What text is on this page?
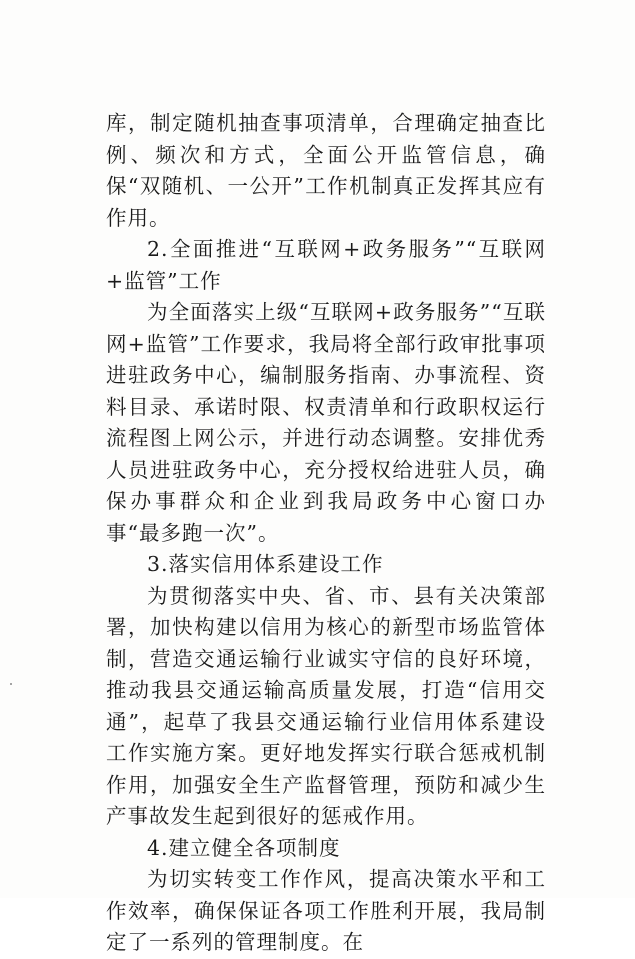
库，制定随机抽查事项清单，合理确定抽查比例、频次和方式，全面公开监管信息，确保“双随机、一公开”工作机制真正发挥其应有作用。

2.全面推进“互联网+政务服务”“互联网+监管”工作

为全面落实上级“互联网+政务服务”“互联网+监管”工作要求，我局将全部行政审批事项进驻政务中心，编制服务指南、办事流程、资料目录、承诺时限、权责清单和行政职权运行流程图上网公示，并进行动态调整。安排优秀人员进驻政务中心，充分授权给进驻人员，确保办事群众和企业到我局政务中心窗口办事“最多跑一次”。

3.落实信用体系建设工作

为贯彻落实中央、省、市、县有关决策部署，加快构建以信用为核心的新型市场监管体制，营造交通运输行业诚实守信的良好环境，推动我县交通运输高质量发展，打造“信用交通”，起草了我县交通运输行业信用体系建设工作实施方案。更好地发挥实行联合惩戒机制作用，加强安全生产监督管理，预防和减少生产事故发生起到很好的惩戒作用。

4.建立健全各项制度

为切实转变工作作风，提高决策水平和工作效率，确保保证各项工作胜利开展，我局制定了一系列的管理制度。在
